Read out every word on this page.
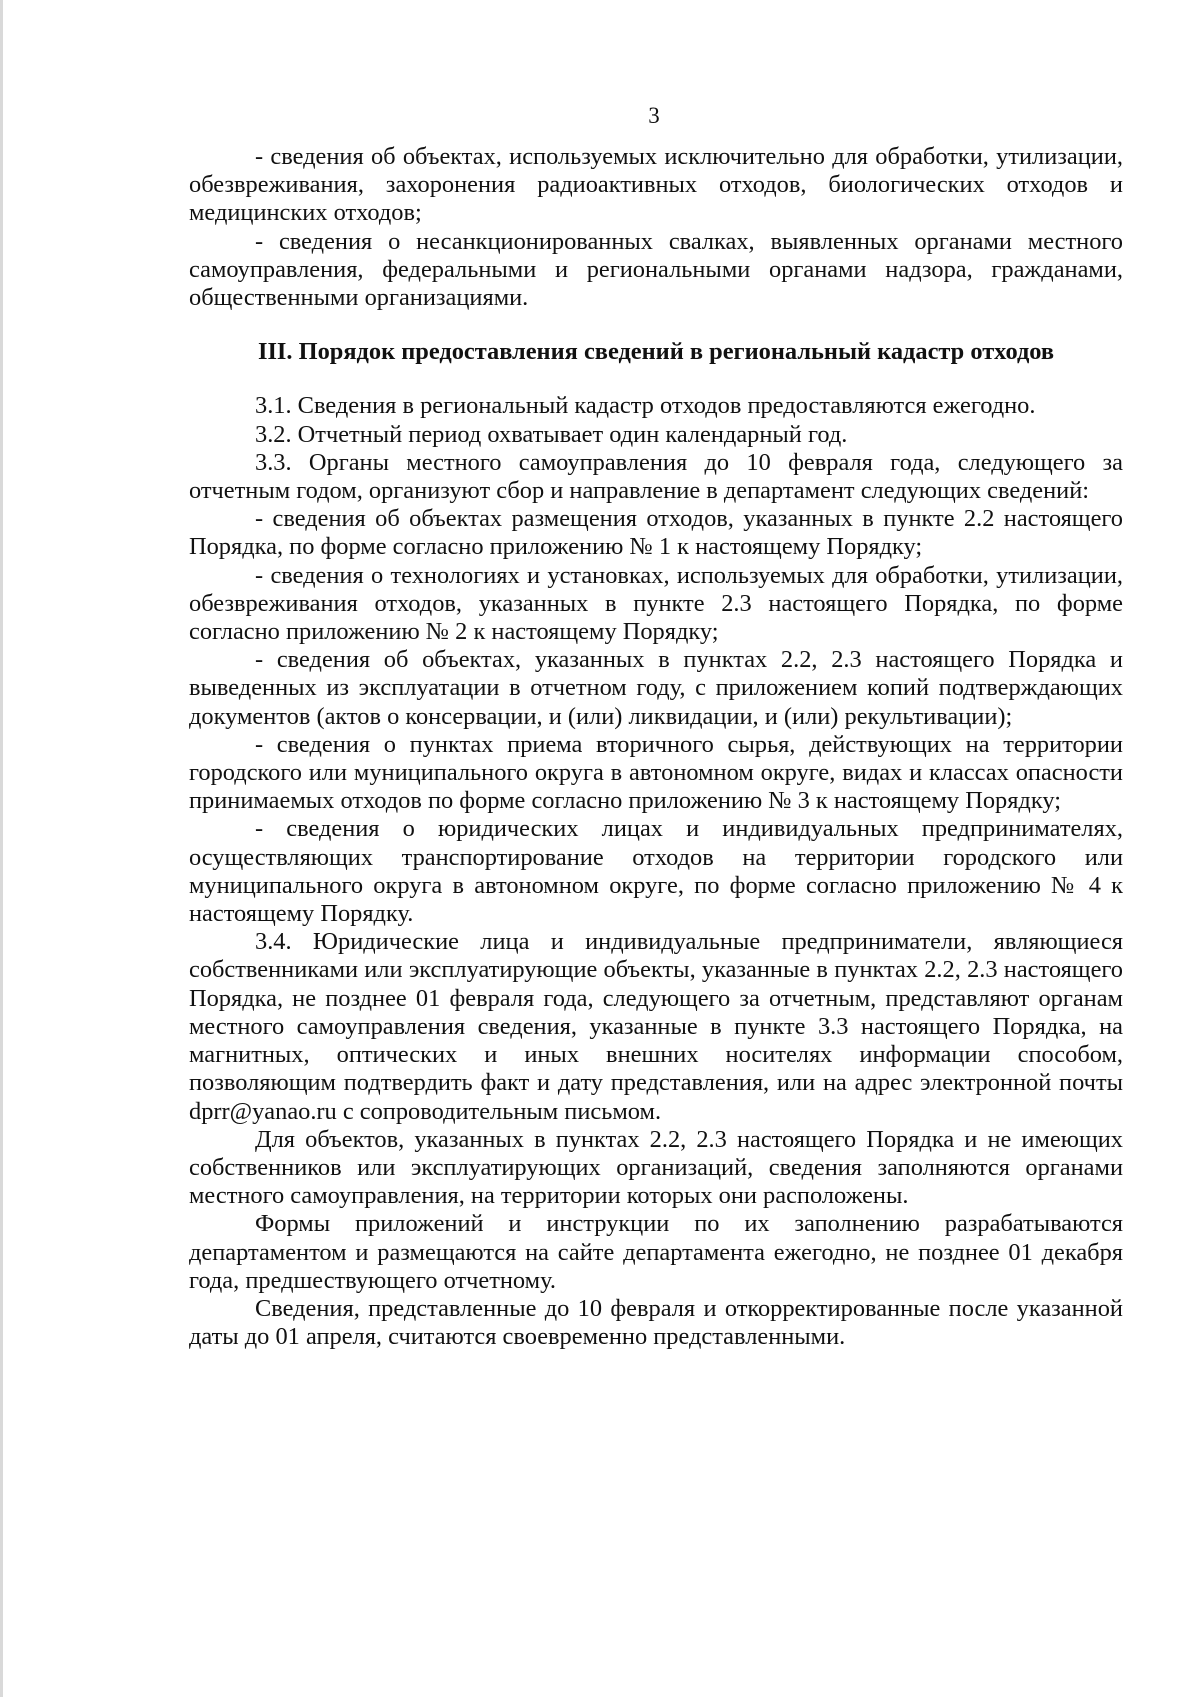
3

- сведения об объектах, используемых исключительно для обработки, утилизации, обезвреживания, захоронения радиоактивных отходов, биологических отходов и медицинских отходов;

- сведения о несанкционированных свалках, выявленных органами местного самоуправления, федеральными и региональными органами надзора, гражданами, общественными организациями.

III. Порядок предоставления сведений в региональный кадастр отходов

3.1. Сведения в региональный кадастр отходов предоставляются ежегодно.

3.2. Отчетный период охватывает один календарный год.

3.3. Органы местного самоуправления до 10 февраля года, следующего за отчетным годом, организуют сбор и направление в департамент следующих сведений:

- сведения об объектах размещения отходов, указанных в пункте 2.2 настоящего Порядка, по форме согласно приложению № 1 к настоящему Порядку;

- сведения о технологиях и установках, используемых для обработки, утилизации, обезвреживания отходов, указанных в пункте 2.3 настоящего Порядка, по форме согласно приложению № 2 к настоящему Порядку;

- сведения об объектах, указанных в пунктах 2.2, 2.3 настоящего Порядка и выведенных из эксплуатации в отчетном году, с приложением копий подтверждающих документов (актов о консервации, и (или) ликвидации, и (или) рекультивации);

- сведения о пунктах приема вторичного сырья, действующих на территории городского или муниципального округа в автономном округе, видах и классах опасности принимаемых отходов по форме согласно приложению № 3 к настоящему Порядку;

- сведения о юридических лицах и индивидуальных предпринимателях, осуществляющих транспортирование отходов на территории городского или муниципального округа в автономном округе, по форме согласно приложению № 4 к настоящему Порядку.

3.4. Юридические лица и индивидуальные предприниматели, являющиеся собственниками или эксплуатирующие объекты, указанные в пунктах 2.2, 2.3 настоящего Порядка, не позднее 01 февраля года, следующего за отчетным, представляют органам местного самоуправления сведения, указанные в пункте 3.3 настоящего Порядка, на магнитных, оптических и иных внешних носителях информации способом, позволяющим подтвердить факт и дату представления, или на адрес электронной почты dprr@yanao.ru с сопроводительным письмом.

Для объектов, указанных в пунктах 2.2, 2.3 настоящего Порядка и не имеющих собственников или эксплуатирующих организаций, сведения заполняются органами местного самоуправления, на территории которых они расположены.

Формы приложений и инструкции по их заполнению разрабатываются департаментом и размещаются на сайте департамента ежегодно, не позднее 01 декабря года, предшествующего отчетному.

Сведения, представленные до 10 февраля и откорректированные после указанной даты до 01 апреля, считаются своевременно представленными.
